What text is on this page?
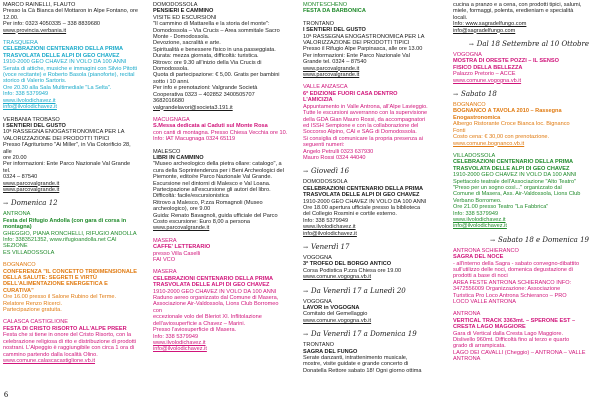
MARCO RAINELLI, FLAUTO
Presso la Cà Bianca del Mottaron in Alpe Fontano, ore
12.00.
Per info: 0323 4050335 – 338 8839680
www.provincia.verbania.it
TRASQUERA
CELEBRAZIONI CENTENARIO DELLA PRIMA
TRASVOLATA DELLE ALPI DI GEO CHAVEZ
1910-2000 GEO CHAVEZ IN VOLO DA 100 ANNI
Serata di attiche, musiche e immagini con Silvio Pitotti
(voce recitante) e Roberto Basola (pianoforte), recital
storico di Valerio Sartoris.
Ore 20.30 alla Sala Multimediale "La Selta".
Info: 338 5379949
www.ilvolodichavez.it
info@ilvolodichavez.it
VERBANIA TROBASO
I SENTIERI DEL GUSTO
10ª RASSEGNA ENOGASTRONOMICA PER LA
VALORIZZAZIONE DEI PRODOTTI TIPICI
Presso l'Agriturismo "Ai Miller", in Via Cotorificio 28, alle
ore 20.00
Per informazioni: Ente Parco Nazionale Val Grande tel.
0324 – 87540
www.parcovalgrande.it
www.parcovalgrande.it
→ Domenica 12
ANTRONA
Festa del Rifugio Andolla (con gara di corsa in
montagna)
GHEGGIO, PIANA RONCHELLI, RIFUGIO ANDOLLA
Info: 3383521352, www.rifugioandolla.net CAI SEZIONE
ES VILLADOSSOLA
BOGNANCO
CONFERENZA "IL CONCETTO TRIDIMENSIONALE
DELLA SALUTE: SEGRETI E VIRTÙ
DELL'ALIMENTAZIONE ENERGETICA E CURATIVA"
Ore 16.00 presso il Salone Rubino del Terme.
Relatore Renzo Ricerci.
Partecipazione gratuita.
CALASCA CASTIGLIONE
FESTA DI CRISTO RISORTO ALL'ALPE PREER
Festa che si tiene in onore del Cristo Risorto, con la
celebrazione religiosa di rito e distribuzione di prodotti
nostrani. L'Alpeggio è raggiungibile con circa 1 ora di
cammino partendo dalla località Olino.
www.comune.calascacastiglione.vb.it
DOMODOSSOLA
PENSIERI E CAMMINO
VISITE ED ESCURSIONI
"Il cammino di Mattarella e la storia del monte":
Domodossola – Via Crucis – Area sommitale Sacro
Monte - Domodossola.
Devozione, sacralità e arte.
Spiritualità e benessere fisico in una passeggiata.
Durata: mezza giornata, difficoltà: turistica.
Ritrovo: ore 9.30 all'inizio della Via Crucis di
Domodossola.
Quota di partecipazione: € 5,00. Gratis per bambini
sotto i 10 anni.
Per info e prenotazioni: Valgrande Società
Cooperativa 0323 – 402852 3400505707
3682016680
valgrandelavori@societa3.191.it
MACUGNAGA
S.Messa dedicata ai Caduti sul Monte Rosa
con canti di montagna. Presso Chiesa Vecchia ore 10.
Info: IAT Macugnaga 0324 65119
MALESCO
LIBRI IN CAMMINO
"Museo archeologico della pietra ollare: catalogo", a
cura della Soprintendenza per i Beni Archeologici del
Piemonte, edito/re Parco Nazionale Val Grande.
Escursione nel dintorni di Malesco e Val Loana.
Partecipazione all'escursione gli autori del libro.
Difficoltà: facile/escursionistica
Ritrovo a Malesco, P.zza Romagnoli (Museo
archeologico), ore 9.00
Guida: Renato Bavagnoli, guida ufficiale del Parco
Costo escursione: Euro 8,00 a persona
www.parcovalgrande.it
MASERA
CAFFE' LETTERARIO
presso Villa Caselli
FAI VCO
MASERA
CELEBRAZIONI CENTENARIO DELLA PRIMA
TRASVOLATA DELLE ALPI DI GEO CHAVEZ
1910-2000 GEO CHAVEZ IN VOLO DA 100 ANNI
Raduno aereo organizzato dal Comune di Masera,
Associazione Air-Valdossola, Lions Club Borromeo con
eccezionale volo del Bleriot XI. Inflitolazione
dell'aviosuperficie a Chavez – Marini.
Presso l'aviosuperficie di Masera.
Info: 338 5379949
www.ilvolodichavez.it
info@ilvolodichavez.it
MONTESCHENO
FESTA DA BARBONICA
TRONTANO
I SENTIERI DEL GUSTO
10ª RASSEGNA ENOGASTRONOMICA PER LA
VALORIZZAZIONE DEI PRODOTTI TIPICI
Presso il Rifugio Alpe Parpinasca, alle ore 13.00
Per informazioni: Ente Parco Nazionale Val
Grande tel. 0324 – 87540
www.parcovalgrande.it
www.parcovalgrande.it
VALLE ANZASCA
6ª EDIZIONE FUORI CASA DENTRO
L'AMICIZIA
Appuntamento in Valle Antrona, all'Alpe Lavieggio.
Tutte le escursioni avverranno con la supervisione
della GDA Gian Mauro Rossi, da accompagnatori
ed ISSH Sempione e con la collaborazione del
Soccorso Alpino, CAI e SAG di Domodossola.
Si consiglia di comunicare la propria presenza ai
seguenti numeri:
Angelo Petrulli 0323 637930
Mauro Rossi 0324 44040
→ Giovedì 16
DOMODOSSOLA
CELEBRAZIONI CENTENARIO DELLA PRIMA
TRASVOLATA DELLE ALPI DI GEO CHAVEZ
1910-2000 GEO CHAVEZ IN VOLO DA 100 ANNI
Ore 18.00 apertura ufficiale presso la biblioteca
del Collegio Rosmini e cortile esterno.
Info: 338 5379949
www.ilvolodichavez.it
info@ilvolodichavez.it
→ Venerdì 17
VOGOGNA
3ª TROFEO DEL BORGO ANTICO
Corsa Podistica P.zza Chiesa ore 19.00
www.comune.vogogna.vb.it
→ Da Venerdì 17 a Lunedì 20
VOGOGNA
LAVOR in VOGOGNA
Comitato del Gemellaggio
www.comune.vogogna.vb.it
→ Da Venerdì 17 a Domenica 19
TRONTANO
SAGRA DEL FUNGO
Serate danzanti, intrattenimento musicale,
mostre, visite guidate e grande concerto di
Donatella Rettore sabato 18! Ogni giorno ottima
cucina a pranzo e a cena, con prodotti tipici, salumi,
miele, formaggi, polenta, eredieniarn e specialità
locali.
Info: www.sagradelfungo.com
info@sagradelfungo.com
→ Dal 18 Settembre al 10 Ottobre
VOGOGNA
MOSTRA DI ORESTE POZZI – IL SENSO
FISICO DELLA BELLEZZA
Palazzo Pretorio – ACCE
www.comune.vogogna.vb.it
→ Sabato 18
BOGNANCO
BOGNANCO A TAVOLA 2010 – Rassegna
Enogastronomica
Albergo Ristorante Croce Bianca loc. Bignanco
Fonti
Costo cena: € 30,00 con prenotazione.
www.comune.bognanco.vb.it
VILLADOSSOLA
CELEBRAZIONI CENTENARIO DELLA PRIMA
TRASVOLATA DELLE ALPI DI GEO CHAVEZ
1910-2000 GEO CHAVEZ IN VOLO DA 100 ANNI
Spettacolo teatrale dell'Associazione "Alto Teatro"
"Preso per un sogno così..." organizzato dal
Comune di Masera, Ass. Air-Valdossola, Lions Club
Verbano Borromeo.
Ore 21.00 presso Teatro "La Fabbrica"
Info: 338 5379949
www.ilvolodichavez.it
info@ilvolodichavez.it
→ Sabato 18 e Domenica 19
ANTRONA SCHIERANCO
SAGRA DEL NOCE
- all'interno della Sagra - sabato convegno-dibattito
sull'utilizzo delle noci, domenica degustazione di
prodotti a base di noci
AREA FESTE ANTRONA SCHIERANCO INFO:
3472556009 Organizzazione: Associazione
Turistica Pro Loco Antrona Schieranco – PRO
LOCO VALLE ANTRONA
ANTRONA
VERTICAL TRACK 3363mt. – SPERONE EST –
CRESTA LAGO MAGGIORE
Gara di Vertical dalla Cresta Lago Maggiore.
Dislivello 960mt. Difficoltà fino al terzo e quarto
grado di arrampicata.
LAGO DEI CAVALLI (Cheggio) – ANTRONA – VALLE
ANTRONA
6
